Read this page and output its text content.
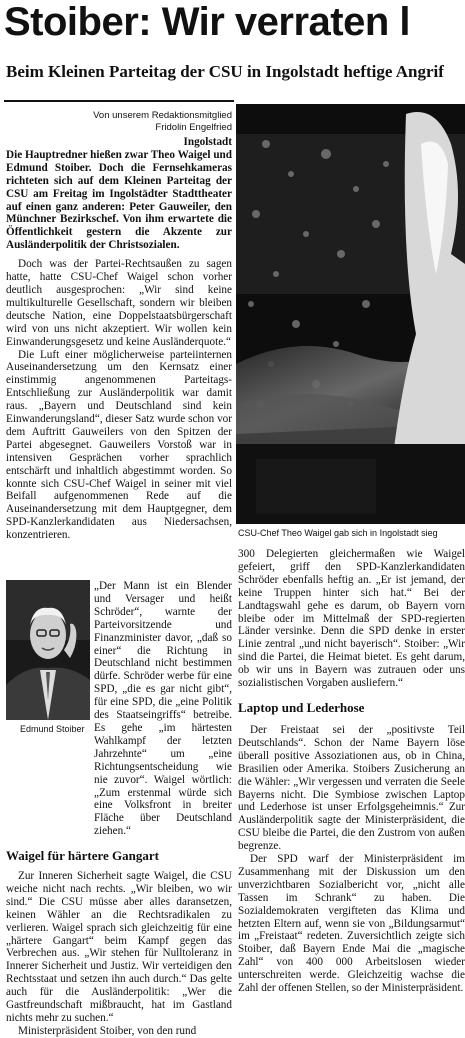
Stoiber: Wir verraten l
Beim Kleinen Parteitag der CSU in Ingolstadt heftige Angrif
Von unserem Redaktionsmitglied
Fridolin Engelfried
CSU-Chef Theo Waigel gab sich in Ingolstadt sieg
Edmund Stoiber
Ingolstadt
Die Hauptredner hießen zwar Theo Waigel und Edmund Stoiber. Doch die Fernsehkameras richteten sich auf dem Kleinen Parteitag der CSU am Freitag im Ingolstädter Stadttheater auf einen ganz anderen: Peter Gauweiler, den Münchner Bezirkschef. Von ihm erwartete die Öffentlichkeit gestern die Akzente zur Ausländerpolitik der Christsozialen.

Doch was der Partei-Rechtsaußen zu sagen hatte, hatte CSU-Chef Waigel schon vorher deutlich ausgesprochen: „Wir sind keine multikulturelle Gesellschaft, sondern wir bleiben deutsche Nation, eine Doppelstaatsbürgerschaft wird von uns nicht akzeptiert. Wir wollen kein Einwanderungsgesetz und keine Ausländerquote.“

Die Luft einer möglicherweise parteiinternen Auseinandersetzung um den Kernsatz einer einstimmig angenommenen Parteitags-Entschließung zur Ausländerpolitik war damit raus. „Bayern und Deutschland sind kein Einwanderungsland“, dieser Satz wurde schon vor dem Auftritt Gauweilers von den Spitzen der Partei abgesegnet. Gauweilers Vorstoß war in intensiven Gesprächen vorher sprachlich entschärft und inhaltlich abgestimmt worden. So konnte sich CSU-Chef Waigel in seiner mit viel Beifall aufgenommenen Rede auf die Auseinandersetzung mit dem Hauptgegner, dem SPD-Kanzlerkandidaten aus Niedersachsen, konzentrieren.

„Der Mann ist ein Blender und Versager und heißt Schröder“, warnte der Parteivorsitzende und Finanzminister davor, „daß so einer“ die Richtung in Deutschland nicht bestimmen dürfe. Schröder werbe für eine SPD, „die es gar nicht gibt“, für eine SPD, die „eine Politik des Staatseingriffs“ betreibe. Es gehe „im härtesten Wahlkampf der letzten Jahrzehnte“ um „eine Richtungsentscheidung wie nie zuvor“. Waigel wörtlich: „Zum erstenmal würde sich eine Volksfront in breiter Fläche über Deutschland ziehen.“

Waigel für härtere Gangart

Zur Inneren Sicherheit sagte Waigel, die CSU weiche nicht nach rechts. „Wir bleiben, wo wir sind.“ Die CSU müsse aber alles daransetzen, keinen Wähler an die Rechtsradikalen zu verlieren. Waigel sprach sich gleichzeitig für eine „härtere Gangart“ beim Kampf gegen das Verbrechen aus. „Wir stehen für Nulltoleranz in Innerer Sicherheit und Justiz. Wir verteidigen den Rechtsstaat und setzen ihn auch durch.“ Das gelte auch für die Ausländerpolitik: „Wer die Gastfreundschaft mißbraucht, hat im Gastland nichts mehr zu suchen.“

Ministerpräsident Stoiber, von den rund

300 Delegierten gleichermaßen wie Waigel gefeiert, griff den SPD-Kanzlerkandidaten Schröder ebenfalls heftig an. „Er ist jemand, der keine Truppen hinter sich hat.“ Bei der Landtagswahl gehe es darum, ob Bayern vorn bleibe oder im Mittelmaß der SPD-regierten Länder versinke. Denn die SPD denke in erster Linie zentral „und nicht bayerisch“. Stoiber: „Wir sind die Partei, die Heimat bietet. Es geht darum, ob wir uns in Bayern was zutrauen oder uns sozialistischen Vorgaben ausliefern.“

Laptop und Lederhose

Der Freistaat sei der „positivste Teil Deutschlands“. Schon der Name Bayern löse überall positive Assoziationen aus, ob in China, Brasilien oder Amerika. Stoibers Zusicherung an die Wähler: „Wir vergessen und verraten die Seele Bayerns nicht. Die Symbiose zwischen Laptop und Lederhose ist unser Erfolgsgeheimnis.“ Zur Ausländerpolitik sagte der Ministerpräsident, die CSU bleibe die Partei, die den Zustrom von außen begrenze.

Der SPD warf der Ministerpräsident im Zusammenhang mit der Diskussion um den unverzichtbaren Sozialbericht vor, „nicht alle Tassen im Schrank“ zu haben. Die Sozialdemokraten vergifteten das Klima und hetzten Eltern auf, wenn sie von „Bildungsarmut“ im „Freistaat“ redeten. Zuversichtlich zeigte sich Stoiber, daß Bayern Ende Mai die „magische Zahl“ von 400 000 Arbeitslosen wieder unterschreiten werde. Gleichzeitig wachse die Zahl der offenen Stellen, so der Ministerpräsident.
